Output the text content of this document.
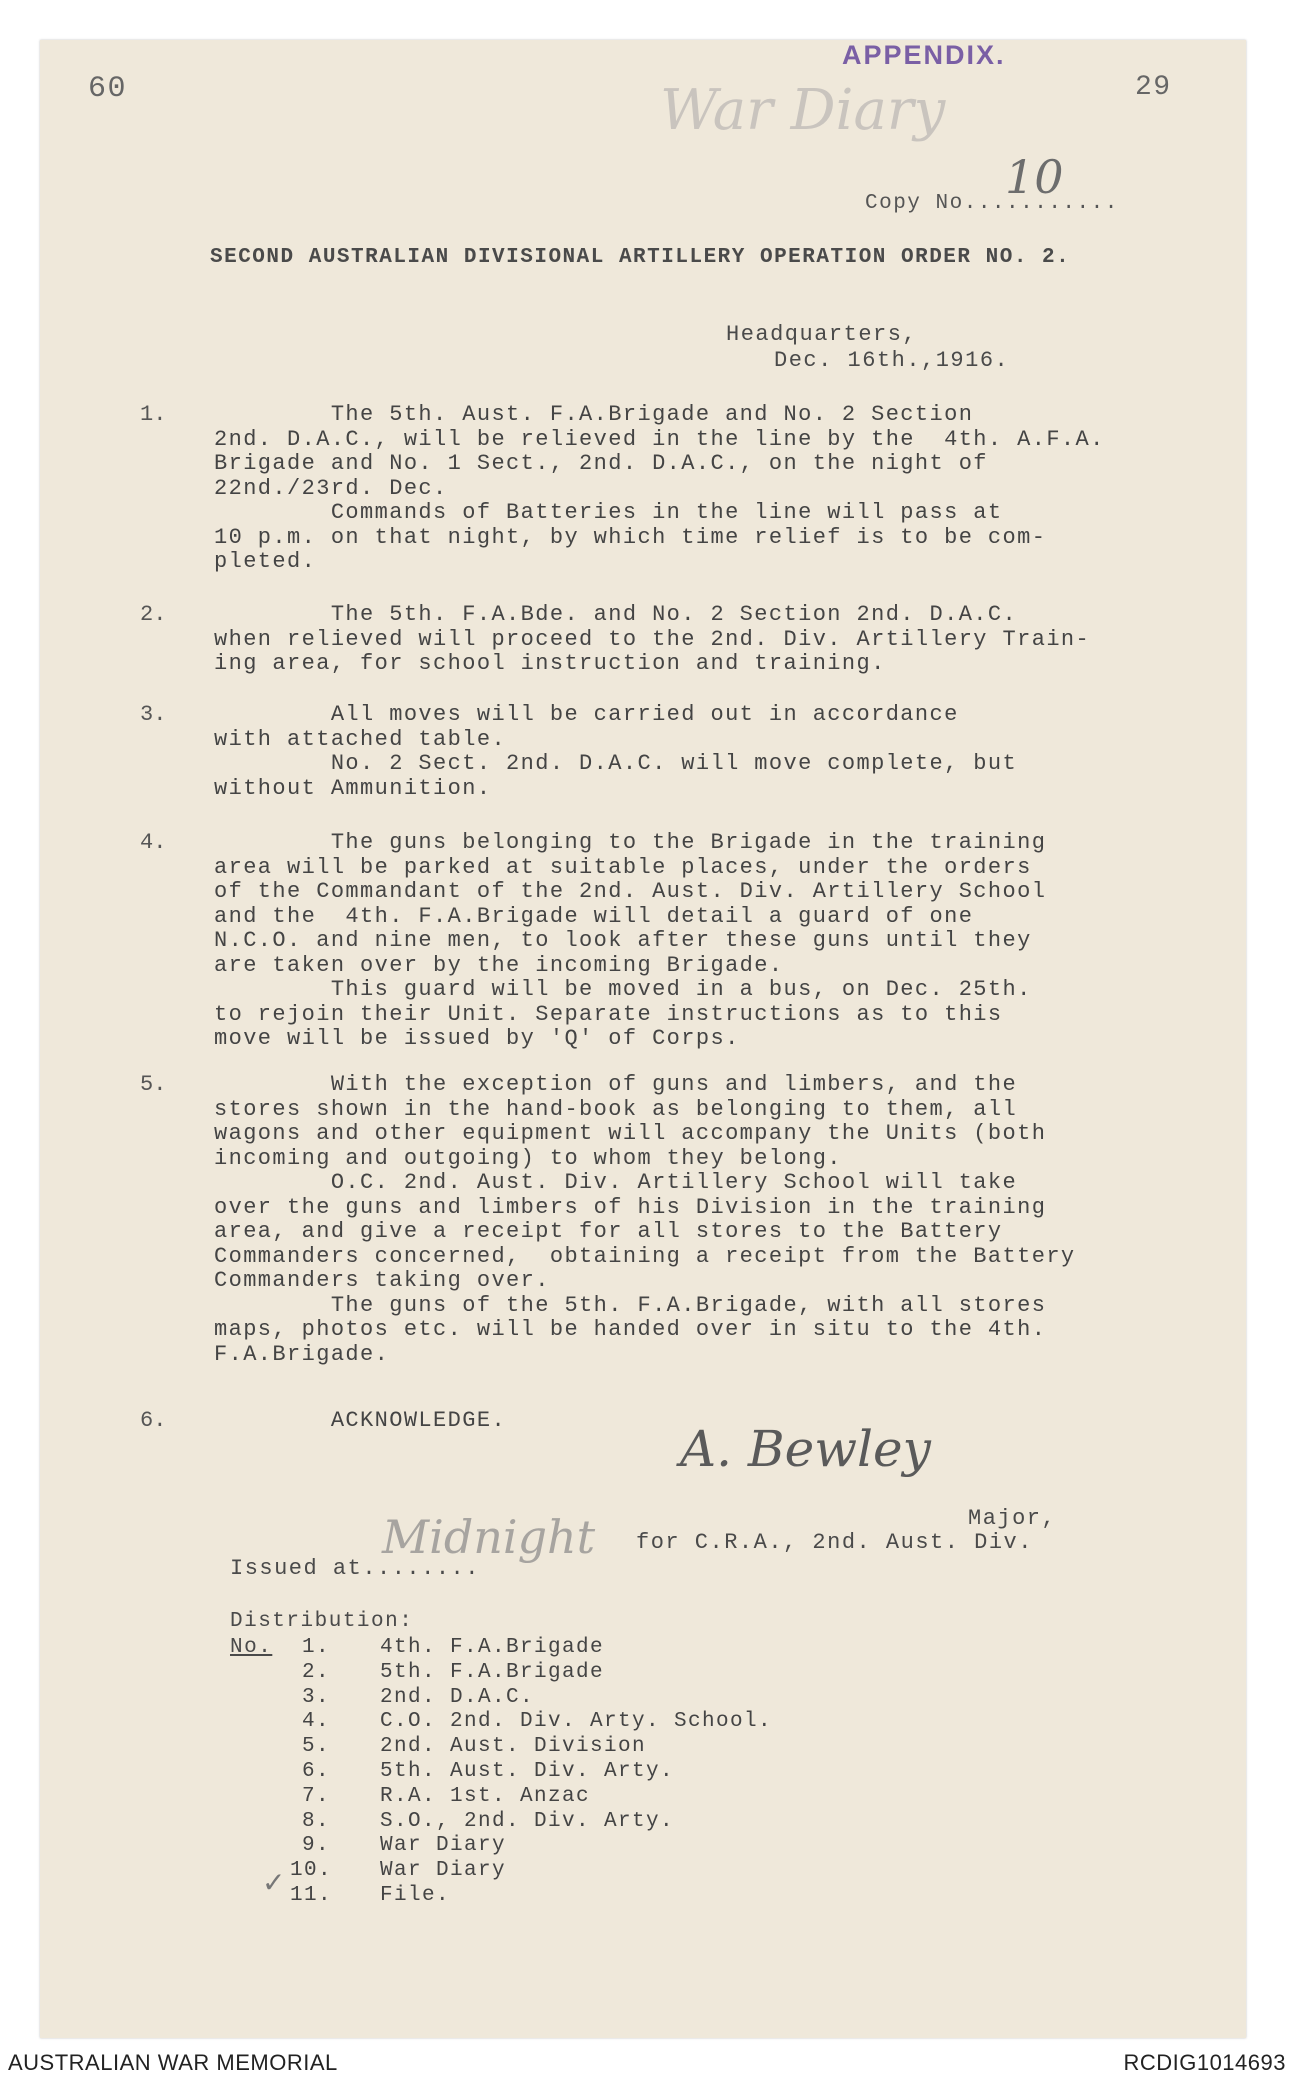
60
APPENDIX.
29
War Diary
10
Copy No...........
SECOND AUSTRALIAN DIVISIONAL ARTILLERY OPERATION ORDER NO. 2.
Headquarters,
Dec. 16th.,1916.
1. The 5th. Aust. F.A.Brigade and No. 2 Section
2nd. D.A.C., will be relieved in the line by the  4th. A.F.A.
Brigade and No. 1 Sect., 2nd. D.A.C., on the night of
22nd./23rd. Dec.
Commands of Batteries in the line will pass at
10 p.m. on that night, by which time relief is to be com-
pleted.
2. The 5th. F.A.Bde. and No. 2 Section 2nd. D.A.C.
when relieved will proceed to the 2nd. Div. Artillery Train-
ing area, for school instruction and training.
3. All moves will be carried out in accordance
with attached table.
No. 2 Sect. 2nd. D.A.C. will move complete, but
without Ammunition.
4. The guns belonging to the Brigade in the training
area will be parked at suitable places, under the orders
of the Commandant of the 2nd. Aust. Div. Artillery School
and the  4th. F.A.Brigade will detail a guard of one
N.C.O. and nine men, to look after these guns until they
are taken over by the incoming Brigade.
This guard will be moved in a bus, on Dec. 25th.
to rejoin their Unit. Separate instructions as to this
move will be issued by 'Q' of Corps.
5. With the exception of guns and limbers, and the
stores shown in the hand-book as belonging to them, all
wagons and other equipment will accompany the Units (both
incoming and outgoing) to whom they belong.
O.C. 2nd. Aust. Div. Artillery School will take
over the guns and limbers of his Division in the training
area, and give a receipt for all stores to the Battery
Commanders concerned,  obtaining a receipt from the Battery
Commanders taking over.
The guns of the 5th. F.A.Brigade, with all stores
maps, photos etc. will be handed over in situ to the 4th.
F.A.Brigade.
6. ACKNOWLEDGE.	A. Bewley
Major,
for C.R.A., 2nd. Aust. Div.
Midnight
Issued at........
Distribution:
No. 1. 4th. F.A.Brigade
2. 5th. F.A.Brigade
3. 2nd. D.A.C.
4. C.O. 2nd. Div. Arty. School.
5. 2nd. Aust. Division
6. 5th. Aust. Div. Arty.
7. R.A. 1st. Anzac
8. S.O., 2nd. Div. Arty.
9. War Diary
10. War Diary
11. File.
✓
AUSTRALIAN WAR MEMORIAL	RCDIG1014693
